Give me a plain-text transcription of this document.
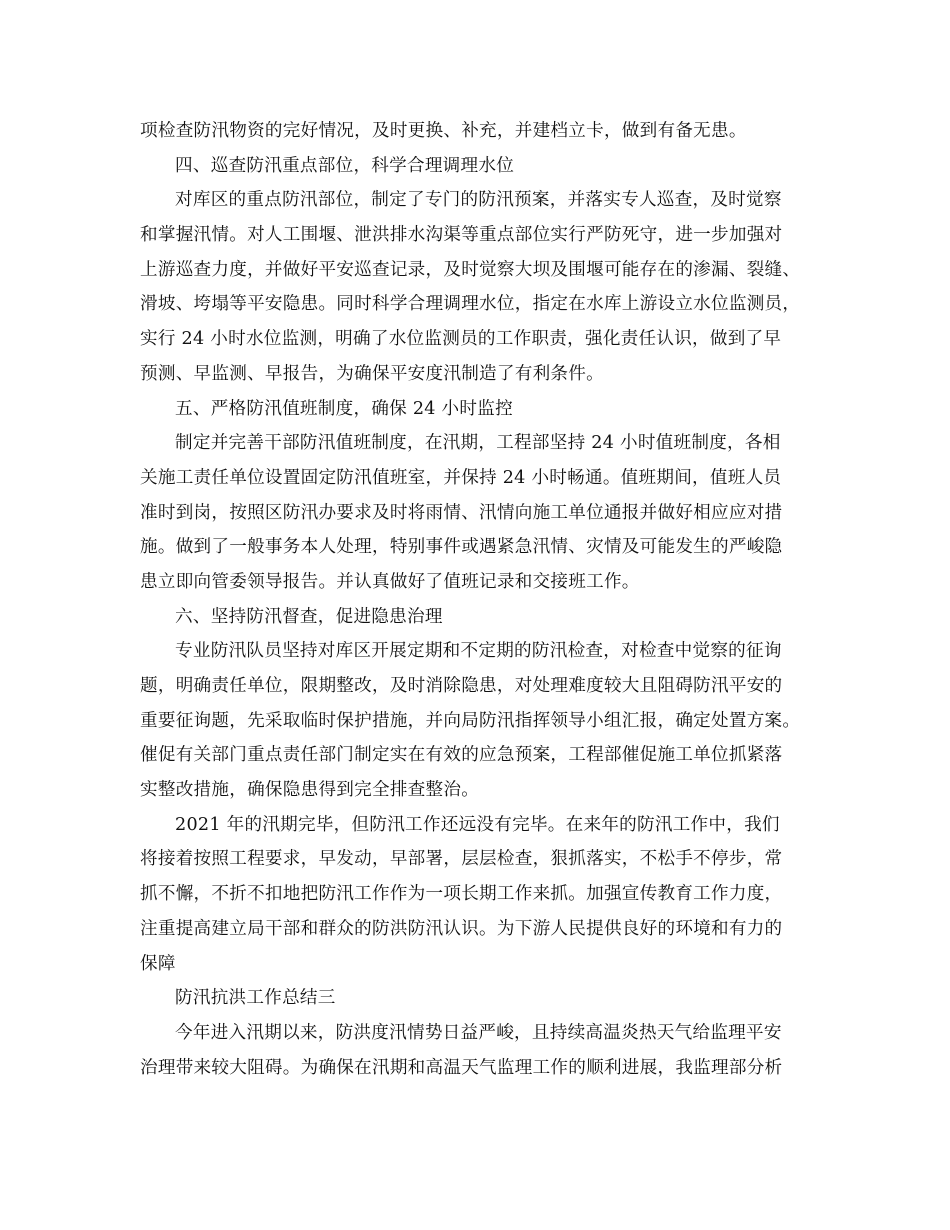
项检查防汛物资的完好情况，及时更换、补充，并建档立卡，做到有备无患。
四、巡查防汛重点部位，科学合理调理水位
对库区的重点防汛部位，制定了专门的防汛预案，并落实专人巡查，及时觉察
和掌握汛情。对人工围堰、泄洪排水沟渠等重点部位实行严防死守，进一步加强对
上游巡查力度，并做好平安巡查记录，及时觉察大坝及围堰可能存在的渗漏、裂缝、
滑坡、垮塌等平安隐患。同时科学合理调理水位，指定在水库上游设立水位监测员，
实行 24 小时水位监测，明确了水位监测员的工作职责，强化责任认识，做到了早
预测、早监测、早报告，为确保平安度汛制造了有利条件。
五、严格防汛值班制度，确保 24 小时监控
制定并完善干部防汛值班制度，在汛期，工程部坚持 24 小时值班制度，各相
关施工责任单位设置固定防汛值班室，并保持 24 小时畅通。值班期间，值班人员
准时到岗，按照区防汛办要求及时将雨情、汛情向施工单位通报并做好相应应对措
施。做到了一般事务本人处理，特别事件或遇紧急汛情、灾情及可能发生的严峻隐
患立即向管委领导报告。并认真做好了值班记录和交接班工作。
六、坚持防汛督查，促进隐患治理
专业防汛队员坚持对库区开展定期和不定期的防汛检查，对检查中觉察的征询
题，明确责任单位，限期整改，及时消除隐患，对处理难度较大且阻碍防汛平安的
重要征询题，先采取临时保护措施，并向局防汛指挥领导小组汇报，确定处置方案。
催促有关部门重点责任部门制定实在有效的应急预案，工程部催促施工单位抓紧落
实整改措施，确保隐患得到完全排查整治。
2021 年的汛期完毕，但防汛工作还远没有完毕。在来年的防汛工作中，我们
将接着按照工程要求，早发动，早部署，层层检查，狠抓落实，不松手不停步，常
抓不懈，不折不扣地把防汛工作作为一项长期工作来抓。加强宣传教育工作力度，
注重提高建立局干部和群众的防洪防汛认识。为下游人民提供良好的环境和有力的
保障
防汛抗洪工作总结三
今年进入汛期以来，防洪度汛情势日益严峻，且持续高温炎热天气给监理平安
治理带来较大阻碍。为确保在汛期和高温天气监理工作的顺利进展，我监理部分析
